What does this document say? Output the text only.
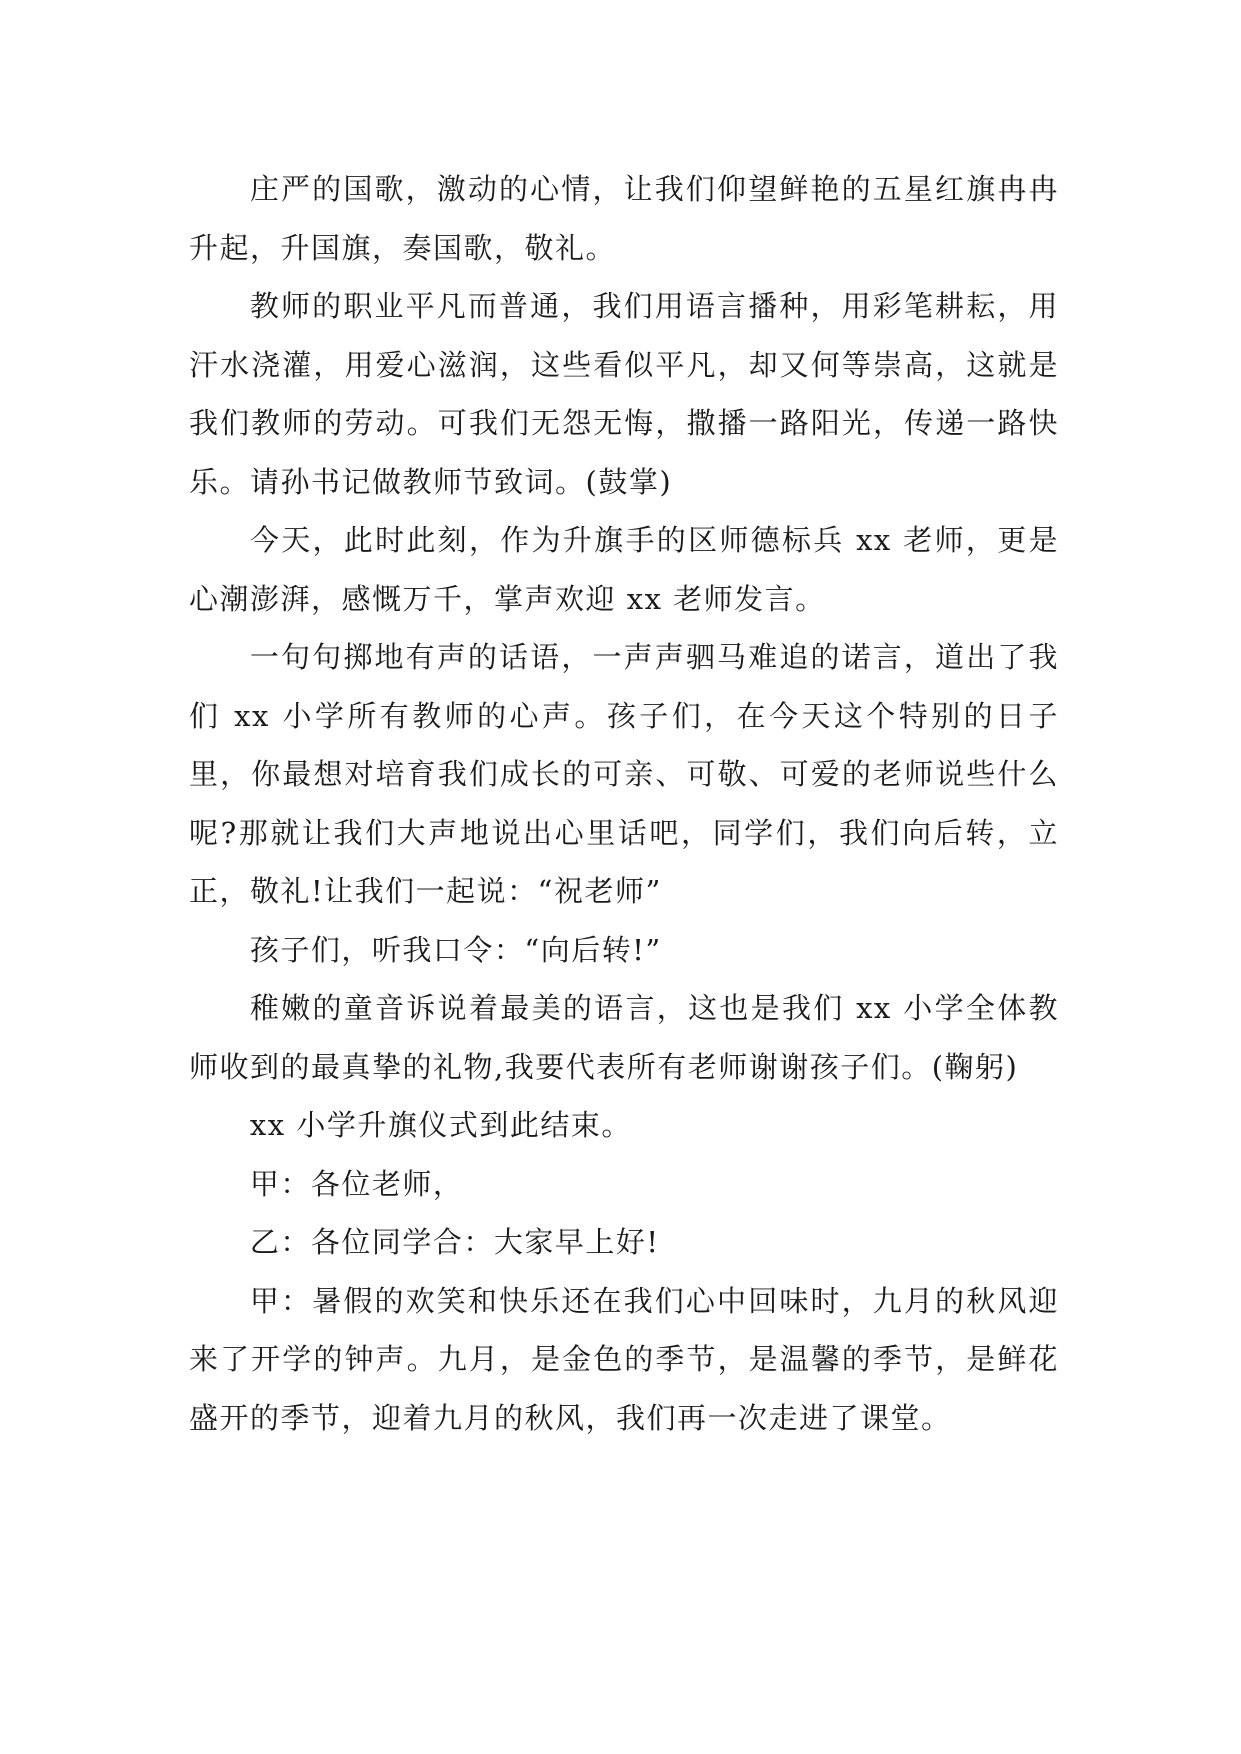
庄严的国歌，激动的心情，让我们仰望鲜艳的五星红旗冉冉升起，升国旗，奏国歌，敬礼。

教师的职业平凡而普通，我们用语言播种，用彩笔耕耘，用汗水浇灌，用爱心滋润，这些看似平凡，却又何等崇高，这就是我们教师的劳动。可我们无怨无悔，撒播一路阳光，传递一路快乐。请孙书记做教师节致词。(鼓掌)

今天，此时此刻，作为升旗手的区师德标兵 xx 老师，更是心潮澎湃，感慨万千，掌声欢迎 xx 老师发言。

一句句掷地有声的话语，一声声驷马难追的诺言，道出了我们 xx 小学所有教师的心声。孩子们，在今天这个特别的日子里，你最想对培育我们成长的可亲、可敬、可爱的老师说些什么呢?那就让我们大声地说出心里话吧，同学们，我们向后转，立正，敬礼!让我们一起说：“祝老师”

孩子们，听我口令：“向后转!”

稚嫩的童音诉说着最美的语言，这也是我们 xx 小学全体教师收到的最真挚的礼物,我要代表所有老师谢谢孩子们。(鞠躬)

xx 小学升旗仪式到此结束。

甲：各位老师，

乙：各位同学合：大家早上好!

甲：暑假的欢笑和快乐还在我们心中回味时，九月的秋风迎来了开学的钟声。九月，是金色的季节，是温馨的季节，是鲜花盛开的季节，迎着九月的秋风，我们再一次走进了课堂。
